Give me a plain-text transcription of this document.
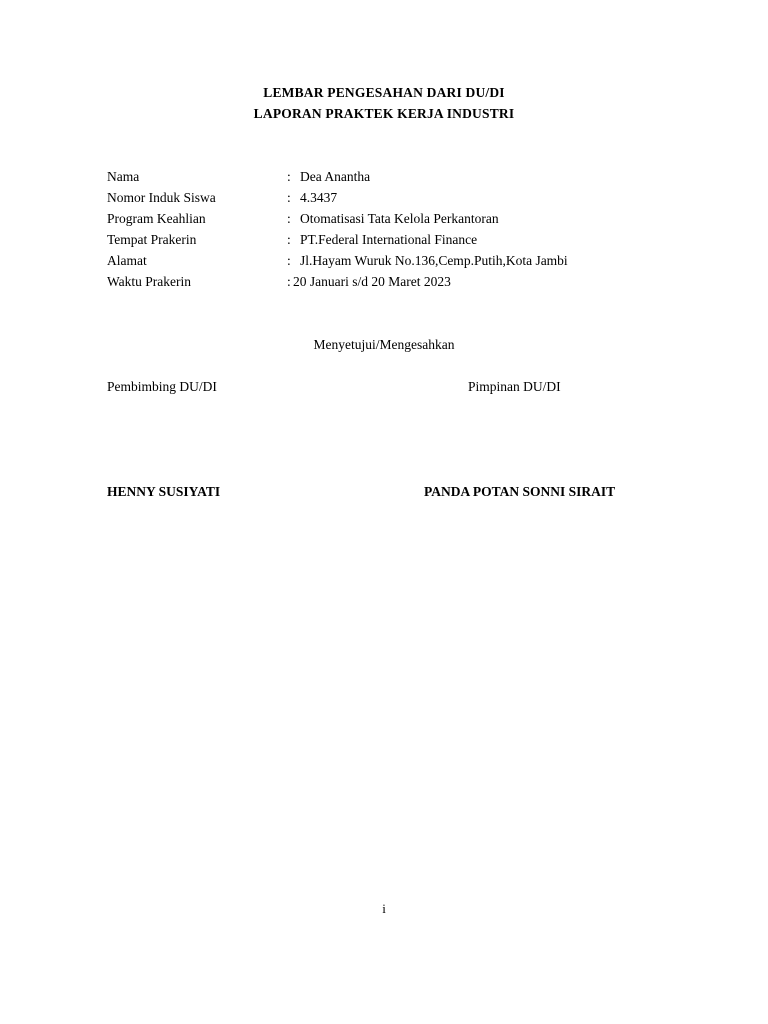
LEMBAR PENGESAHAN DARI DU/DI
LAPORAN PRAKTEK KERJA INDUSTRI
Nama	: Dea Anantha
Nomor Induk Siswa	: 4.3437
Program Keahlian	: Otomatisasi Tata Kelola Perkantoran
Tempat Prakerin	: PT.Federal International Finance
Alamat	: Jl.Hayam Wuruk No.136,Cemp.Putih,Kota Jambi
Waktu Prakerin	: 20 Januari s/d 20 Maret 2023
Menyetujui/Mengesahkan
Pembimbing DU/DI	Pimpinan DU/DI
HENNY SUSIYATI	PANDA POTAN SONNI SIRAIT
i
